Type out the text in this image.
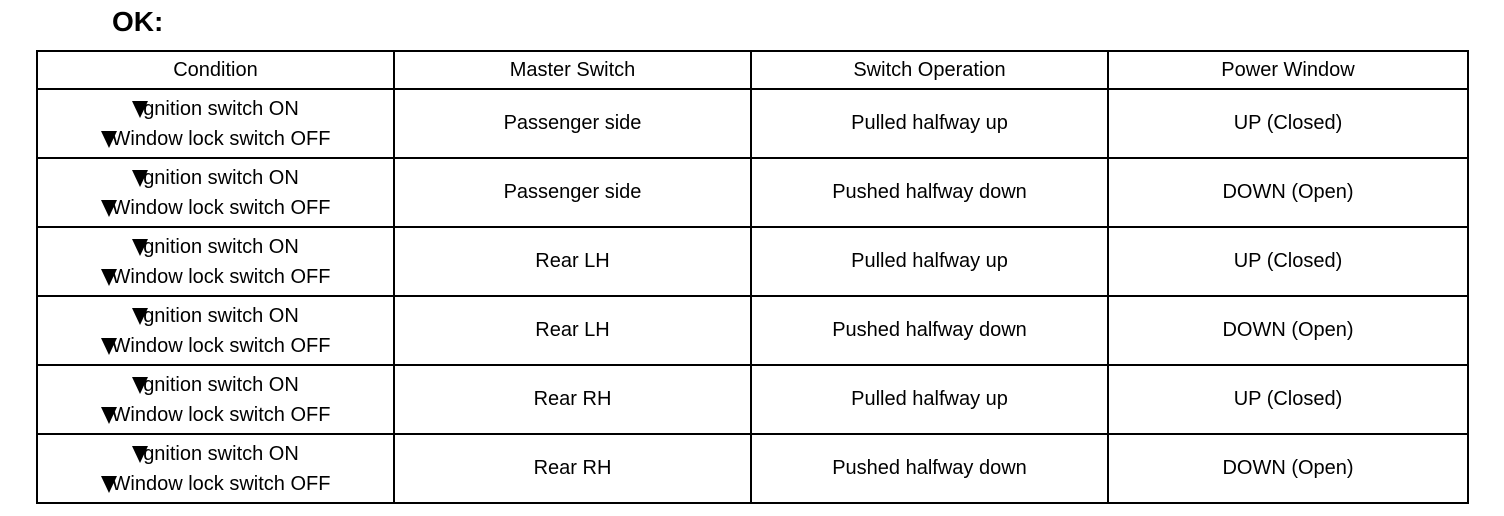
OK:
Condition	Master Switch	Switch Operation	Power Window

gnition switch ON
Window lock switch OFF	Passenger side	Pulled halfway up	UP (Closed)

gnition switch ON
Window lock switch OFF	Passenger side	Pushed halfway down	DOWN (Open)

gnition switch ON
Window lock switch OFF	Rear LH	Pulled halfway up	UP (Closed)

gnition switch ON
Window lock switch OFF	Rear LH	Pushed halfway down	DOWN (Open)

gnition switch ON
Window lock switch OFF	Rear RH	Pulled halfway up	UP (Closed)

gnition switch ON
Window lock switch OFF	Rear RH	Pushed halfway down	DOWN (Open)
